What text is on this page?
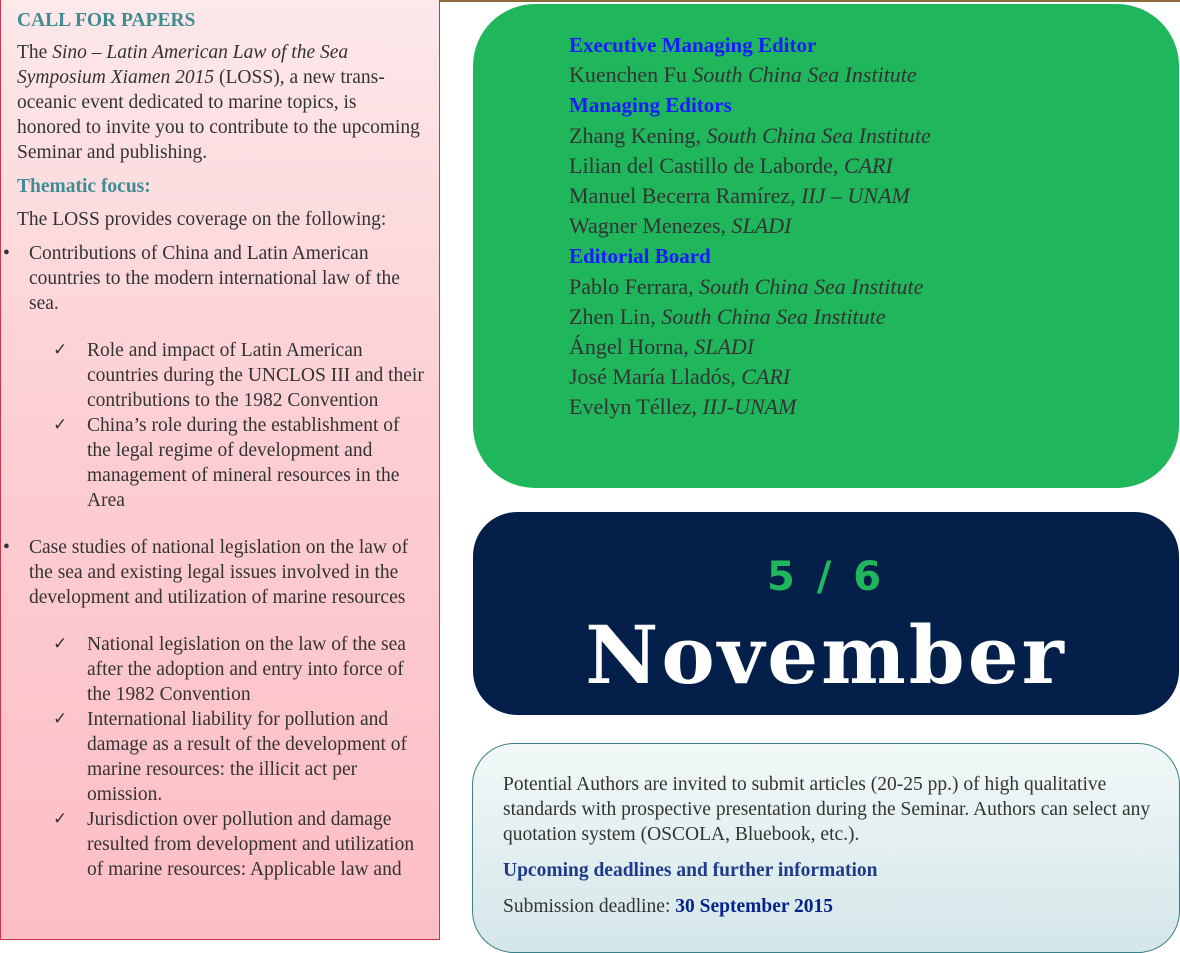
CALL FOR PAPERS

The Sino – Latin American Law of the Sea Symposium Xiamen 2015 (LOSS), a new trans-oceanic event dedicated to marine topics, is honored to invite you to contribute to the upcoming Seminar and publishing.

Thematic focus:

The LOSS provides coverage on the following:

• Contributions of China and Latin American countries to the modern international law of the sea.
✓ Role and impact of Latin American countries during the UNCLOS III and their contributions to the 1982 Convention
✓ China’s role during the establishment of the legal regime of development and management of mineral resources in the Area
• Case studies of national legislation on the law of the sea and existing legal issues involved in the development and utilization of marine resources
✓ National legislation on the law of the sea after the adoption and entry into force of the 1982 Convention
✓ International liability for pollution and damage as a result of the development of marine resources: the illicit act per omission.
✓ Jurisdiction over pollution and damage resulted from development and utilization of marine resources: Applicable law and
Executive Managing Editor
Kuenchen Fu South China Sea Institute
Managing Editors
Zhang Kening, South China Sea Institute
Lilian del Castillo de Laborde, CARI
Manuel Becerra Ramírez, IIJ – UNAM
Wagner Menezes, SLADI
Editorial Board
Pablo Ferrara, South China Sea Institute
Zhen Lin, South China Sea Institute
Ángel Horna, SLADI
José María Lladós, CARI
Evelyn Téllez, IIJ-UNAM
5 / 6
November

Potential Authors are invited to submit articles (20-25 pp.) of high qualitative standards with prospective presentation during the Seminar. Authors can select any quotation system (OSCOLA, Bluebook, etc.).

Upcoming deadlines and further information

Submission deadline: 30 September 2015
